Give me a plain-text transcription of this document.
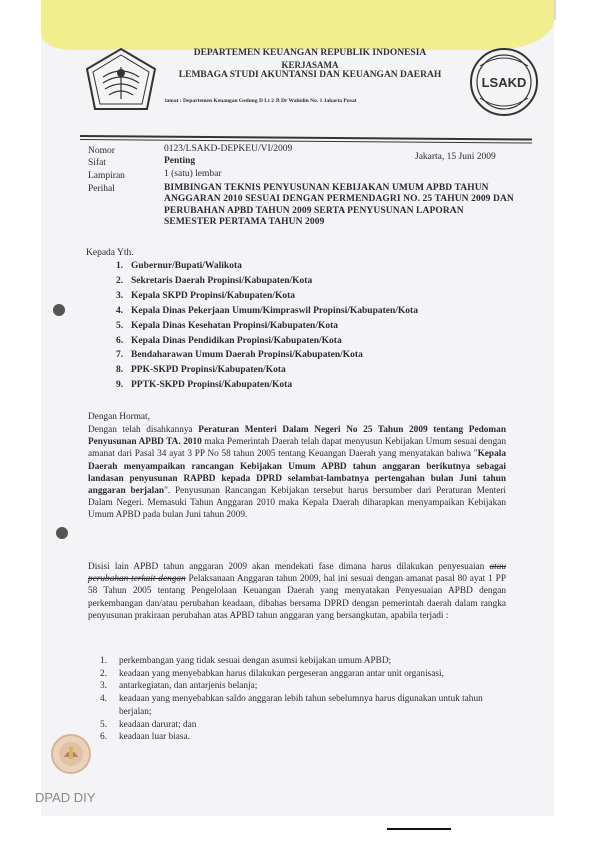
LSAKD
DEPARTEMEN KEUANGAN REPUBLIK INDONESIA
KERJASAMA
LEMBAGA STUDI AKUNTANSI DAN KEUANGAN DAERAH
lamat : Departemen Keuangan Gedung D Lt 2 Jl Dr Wahidin No. 1 Jakarta Pusat
Nomor	0123/LSAKD-DEPKEU/VI/2009
Jakarta, 15 Juni 2009
Sifat	Penting
Lampiran	1 (satu) lembar
Perihal	BIMBINGAN TEKNIS PENYUSUNAN KEBIJAKAN UMUM APBD TAHUN ANGGARAN 2010 SESUAI DENGAN PERMENDAGRI NO. 25 TAHUN 2009 DAN PERUBAHAN APBD TAHUN 2009 SERTA PENYUSUNAN LAPORAN SEMESTER PERTAMA TAHUN 2009
Kepada Yth.
1. Gubernur/Bupati/Walikota
2. Sekretaris Daerah Propinsi/Kabupaten/Kota
3. Kepala SKPD Propinsi/Kabupaten/Kota
4. Kepala Dinas Pekerjaan Umum/Kimpraswil Propinsi/Kabupaten/Kota
5. Kepala Dinas Kesehatan Propinsi/Kabupaten/Kota
6. Kepala Dinas Pendidikan Propinsi/Kabupaten/Kota
7. Bendaharawan Umum Daerah Propinsi/Kabupaten/Kota
8. PPK-SKPD Propinsi/Kabupaten/Kota
9. PPTK-SKPD Propinsi/Kabupaten/Kota
Dengan Hormat,
Dengan telah disahkannya Peraturan Menteri Dalam Negeri No 25 Tahun 2009 tentang Pedoman Penyusunan APBD TA. 2010 maka Pemerintah Daerah telah dapat menyusun Kebijakan Umum sesuai dengan amanat dari Pasal 34 ayat 3 PP No 58 tahun 2005 tentang Keuangan Daerah yang menyatakan bahwa "Kepala Daerah menyampaikan rancangan Kebijakan Umum APBD tahun anggaran berikutnya sebagai landasan penyusunan RAPBD kepada DPRD selambat-lambatnya pertengahan bulan Juni tahun anggaran berjalan". Penyusunan Rancangan Kebijakan tersebut harus bersumber dari Peraturan Menteri Dalam Negeri. Memasuki Tahun Anggaran 2010 maka Kepala Daerah diharapkan menyampaikan Kebijakan Umum APBD pada bulan Juni tahun 2009.
Disisi lain APBD tahun anggaran 2009 akan mendekati fase dimana harus dilakukan penyesuaian atau perubahan terkait dengan Pelaksanaan Anggaran tahun 2009, hal ini sesuai dengan amanat pasal 80 ayat 1 PP 58 Tahun 2005 tentang Pengelolaan Keuangan Daerah yang menyatakan Penyesuaian APBD dengan perkembangan dan/atau perubahan keadaan, dibahas bersama DPRD dengan pemerintah daerah dalam rangka penyusunan prakiraan perubahan atas APBD tahun anggaran yang bersangkutan, apabila terjadi :
1.	perkembangan yang tidak sesuai dengan asumsi kebijakan umum APBD;
2.	keadaan yang menyebabkan harus dilakukan pergeseran anggaran antar unit organisasi,
3.	antarkegiatan, dan antarjenis belanja;
4.	keadaan yang menyebabkan saldo anggaran lebih tahun sebelumnya harus digunakan untuk tahun berjalan;
5.	keadaan darurat; dan
6.	keadaan luar biasa.
DPAD DIY
